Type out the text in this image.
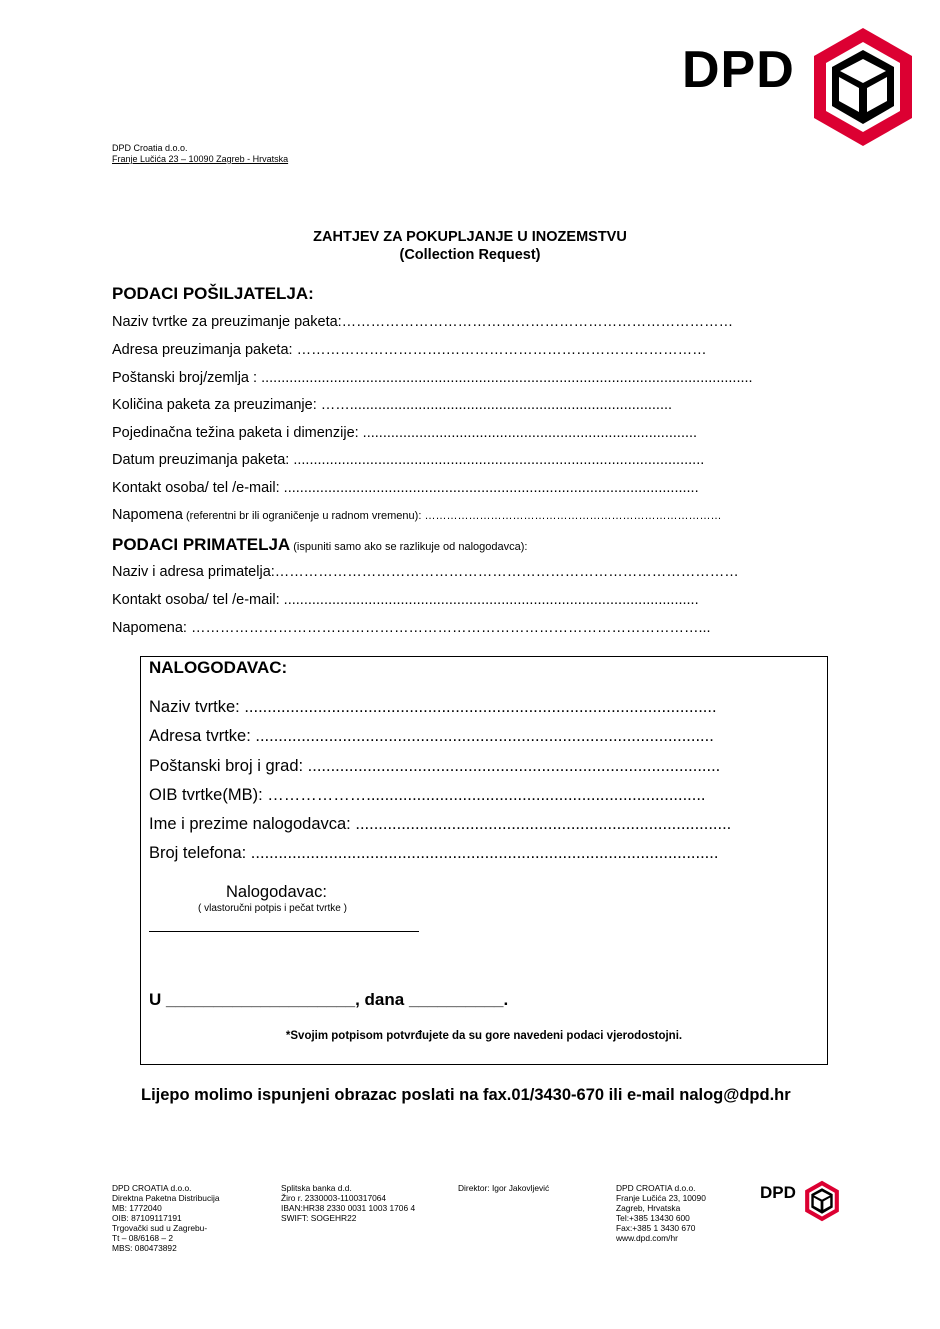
DPD
DPD Croatia d.o.o.
Franje Lučića 23 – 10090 Zagreb - Hrvatska
ZAHTJEV ZA POKUPLJANJE U INOZEMSTVU
(Collection Request)
PODACI POŠILJATELJA:
Naziv tvrtke za preuzimanje paketa:………………………………………………………………………
Adresa preuzimanja paketa: ………………………….………………………………………………
Poštanski broj/zemlja : ..........................................................................................................................
Količina paketa za preuzimanje: ……................................................................................
Pojedinačna težina paketa i dimenzije: ...................................................................................
Datum preuzimanja paketa: ......................................................................................................
Kontakt osoba/ tel /e-mail: .......................................................................................................
Napomena (referentni br ili ograničenje u radnom vremenu): ………………………………………………………………………
PODACI PRIMATELJA (ispuniti samo ako se razlikuje od nalogodavca):
Naziv i adresa primatelja:……………………………………………………………………………………
Kontakt osoba/ tel /e-mail: .......................................................................................................
Napomena: ……………………………………………………………………………………………...
NALOGODAVAC:
Naziv tvrtke: .......................................................................................................
Adresa tvrtke: ....................................................................................................
Poštanski broj i grad: ..........................................................................................
OIB tvrtke(MB): ………………..........................................................................
Ime i prezime nalogodavca: ..................................................................................
Broj telefona: ......................................................................................................
Nalogodavac:
( vlastoručni potpis i pečat tvrtke )
U ____________________, dana __________.
*Svojim potpisom potvrđujete da su gore navedeni podaci vjerodostojni.
Lijepo molimo ispunjeni obrazac poslati na fax.01/3430-670 ili e-mail nalog@dpd.hr
DPD CROATIA d.o.o.
Direktna Paketna Distribucija
MB: 1772040
OIB: 87109117191
Trgovački sud u Zagrebu-
Tt – 08/6168 – 2
MBS: 080473892
Splitska banka d.d.
Žiro r. 2330003-1100317064
IBAN:HR38 2330 0031 1003 1706 4
SWIFT: SOGEHR22
Direktor: Igor Jakovljević	DPD CROATIA d.o.o.
Franje Lučića 23, 10090
Zagreb, Hrvatska
Tel:+385 13430 600
Fax:+385 1 3430 670
www.dpd.com/hr
DPD
